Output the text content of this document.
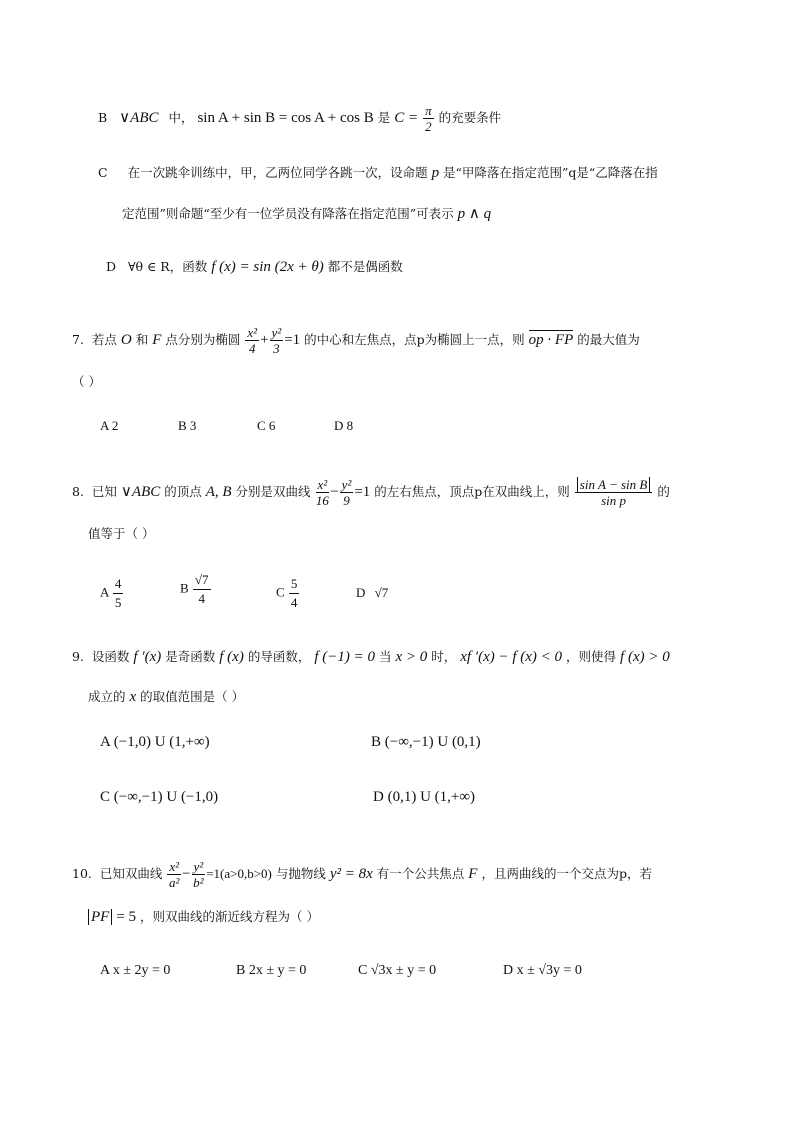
B ∨ABC 中， sin A + sin B = cos A + cos B 是 $C = \frac{\pi}{2}$ 的充要条件
C 在一次跳伞训练中，甲，乙两位同学各跳一次，设命题 p 是“甲降落在指定范围”q是“乙降落在指
定范围”则命题“至少有一位学员没有降落在指定范围”可表示 p ∧ q
D ∀θ ∈ R，函数 f (x) = sin (2x + θ) 都不是偶函数
7. 若点 O 和 F 点分别为椭圆 $\frac{\text{x²}}{4} + \frac{\text{y²}}{3} =1$ 的中心和左焦点，点p为椭圆上一点，则 op · FP 的最大值为
（ ）
A 2	B 3	C 6	D 8
8. 已知 ∨ABC 的顶点 A, B 分别是双曲线 $\frac{\text{x²}}{16} - \frac{\text{y²}}{9} =1$ 的左右焦点，顶点p在双曲线上，则 $\frac{\text{sin A − sin B}}{\text{sin p}}$ 的
值等于（ ）
A $\frac{4}{5}$	B $\frac{√7}{4}$	C $\frac{5}{4}$	D √7
9. 设函数 f ′(x) 是奇函数 f (x) 的导函数， f (−1) = 0 当 x > 0 时， xf ′(x) − f (x) < 0 ，则使得 f (x) > 0
成立的 x 的取值范围是（ ）
A (−1,0) U (1,+∞)	B (−∞,−1) U (0,1)
C (−∞,−1) U (−1,0)	D (0,1) U (1,+∞)
10. 已知双曲线 $\frac{\text{x²}}{\text{a²}} - \frac{\text{y²}}{\text{b²}} =1(a>0,b>0)$ 与抛物线 y² = 8x 有一个公共焦点 F ，且两曲线的一个交点为p，若
PF = 5 ，则双曲线的渐近线方程为（ ）
A x ± 2y = 0	B 2x ± y = 0	C √3x ± y = 0	D x ± √3y = 0
